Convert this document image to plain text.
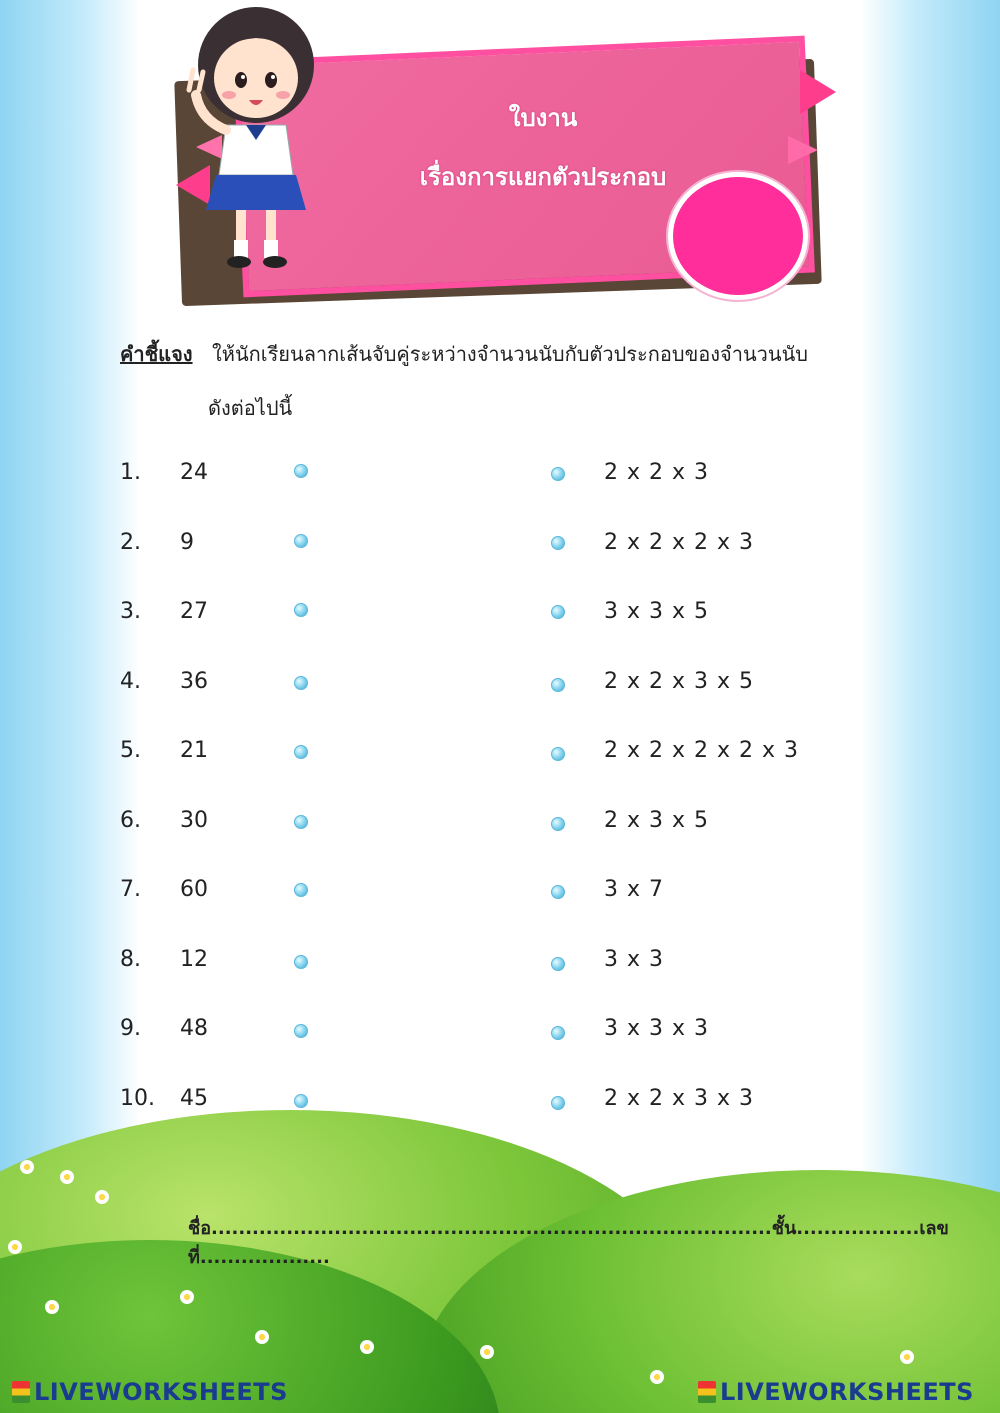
ใบงาน
เรื่องการแยกตัวประกอบ
คำชี้แจง ให้นักเรียนลากเส้นจับคู่ระหว่างจำนวนนับกับตัวประกอบของจำนวนนับ
ดังต่อไปนี้
1. 24
2. 9
3. 27
4. 36
5. 21
6. 30
7. 60
8. 12
9. 48
10. 45
2 x 2 x 3
2 x 2 x 2 x 3
3 x 3 x 5
2 x 2 x 3 x 5
2 x 2 x 2 x 2 x 3
2 x 3 x 5
3 x 7
3 x 3
3 x 3 x 3
2 x 2 x 3 x 3
ชื่อ..................................................................................ชั้น..................เลขที่...................
LIVEWORKSHEETS	LIVEWORKSHEETS
